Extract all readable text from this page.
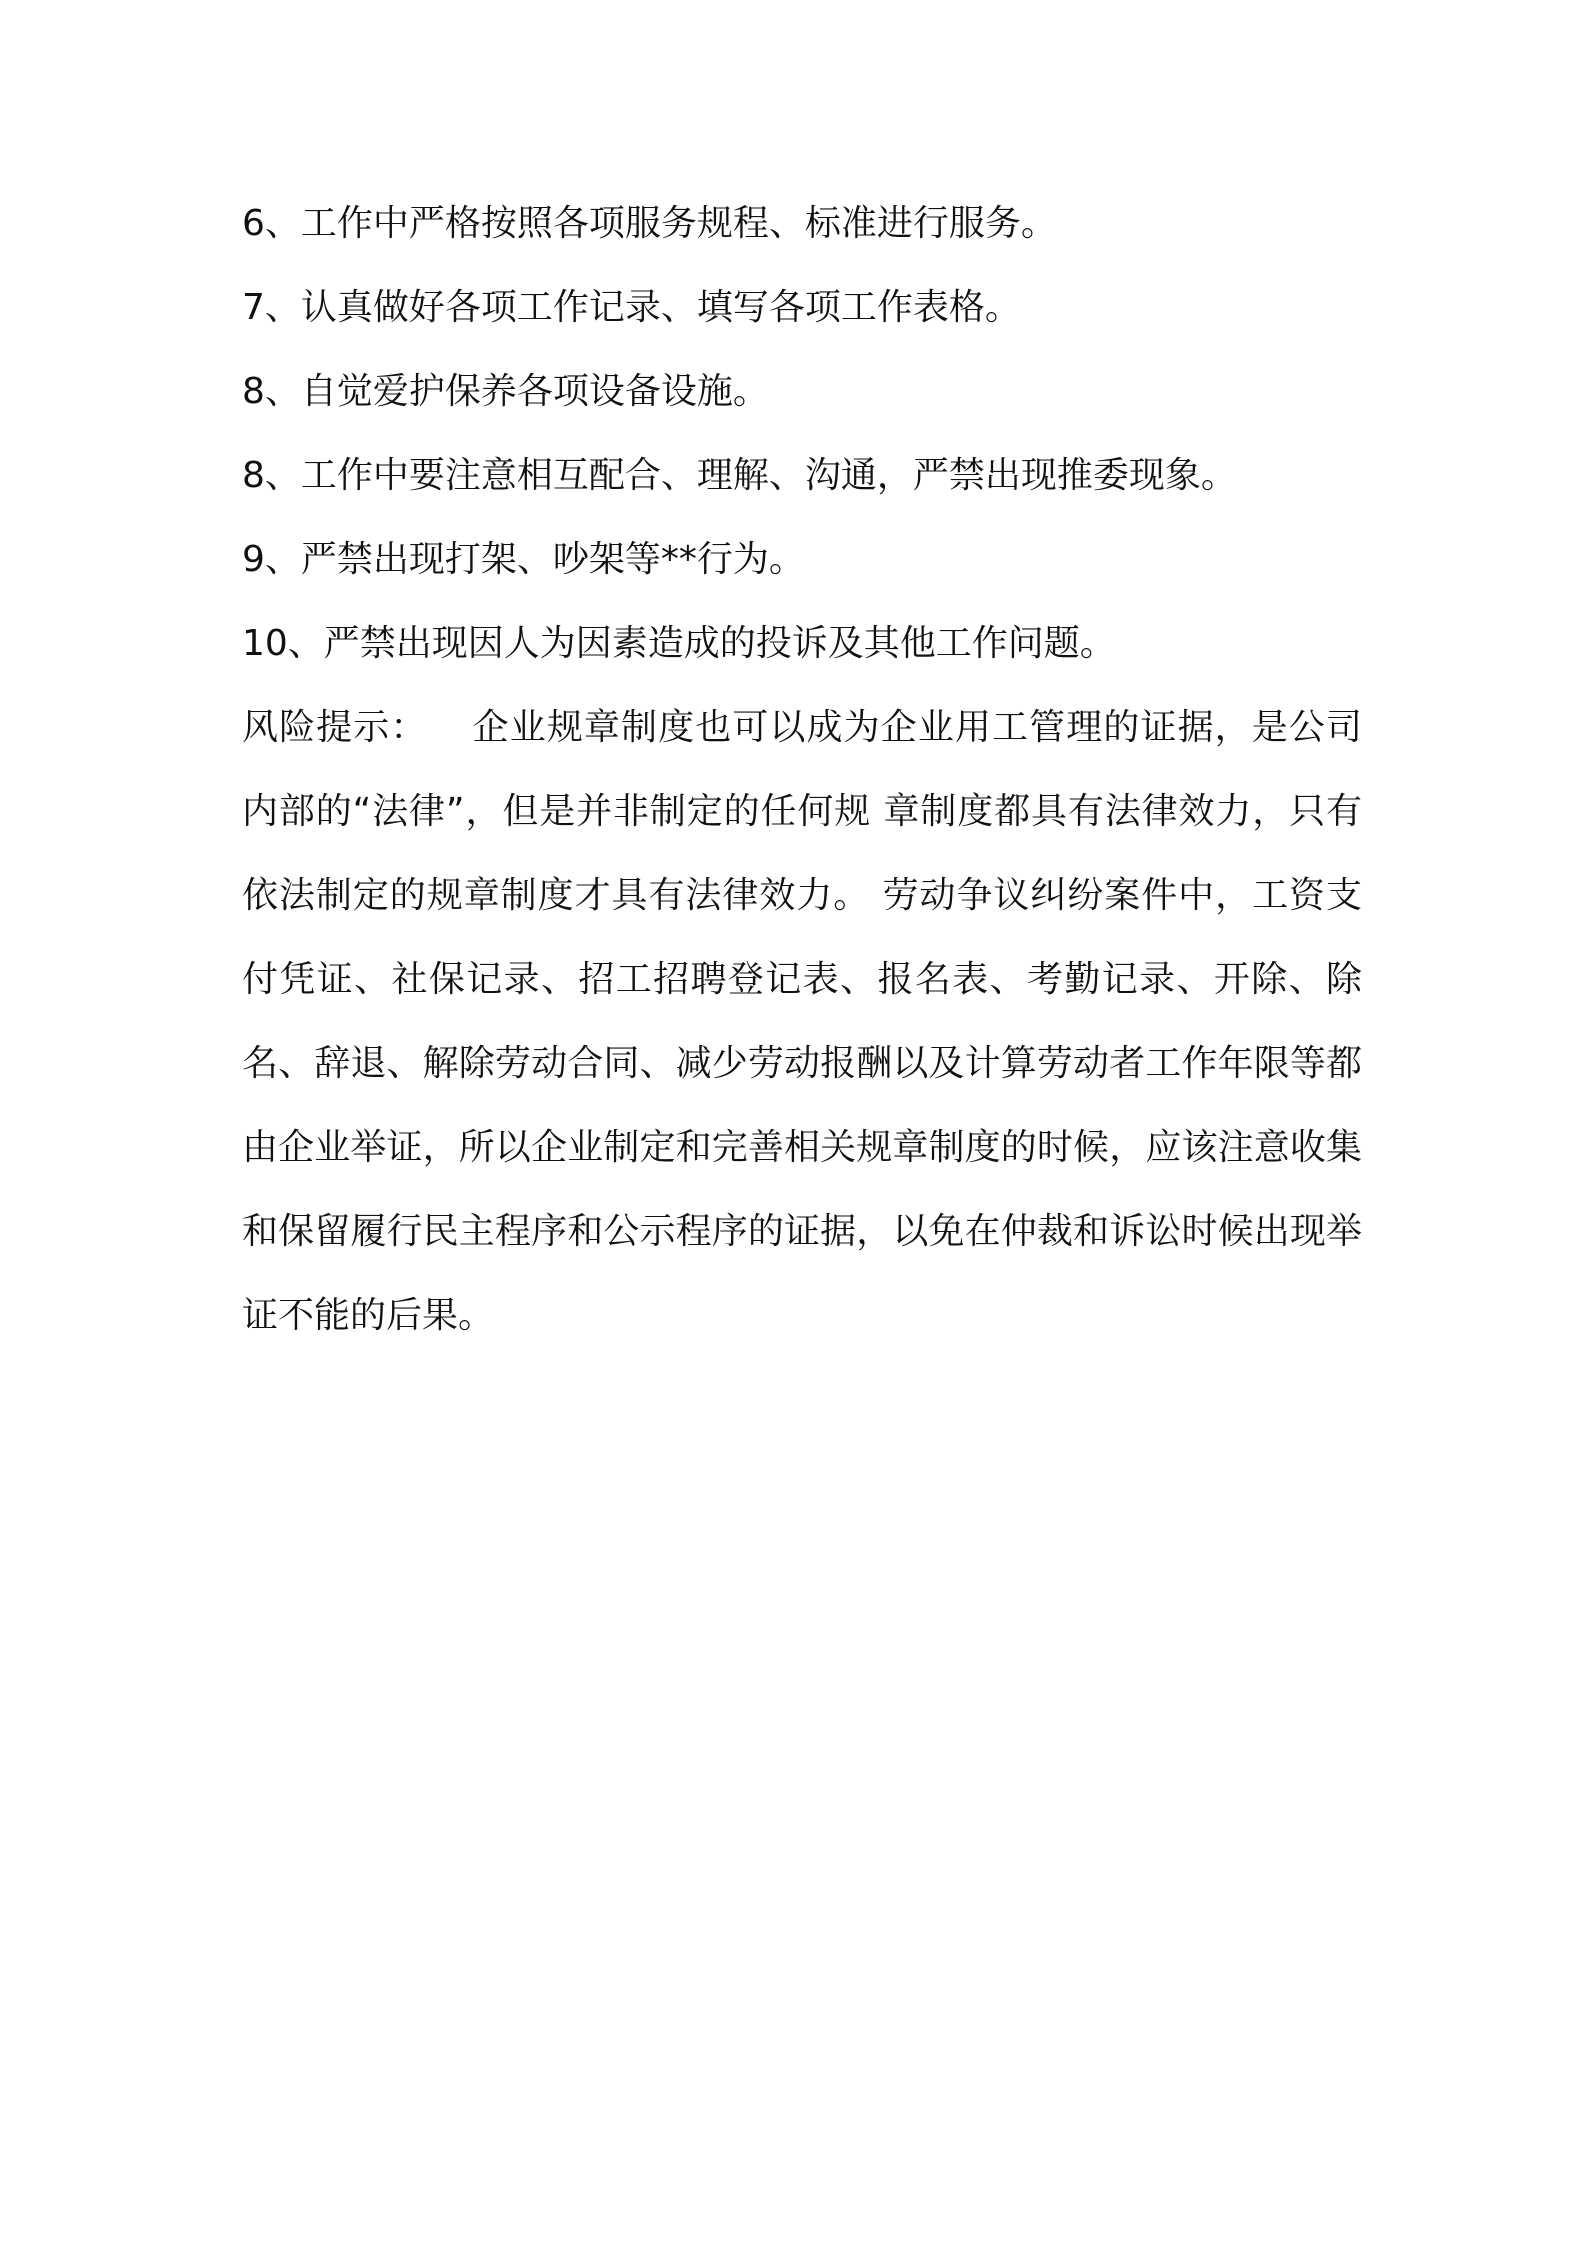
6、工作中严格按照各项服务规程、标准进行服务。
7、认真做好各项工作记录、填写各项工作表格。
8、自觉爱护保养各项设备设施。
8、工作中要注意相互配合、理解、沟通，严禁出现推委现象。
9、严禁出现打架、吵架等**行为。
10、严禁出现因人为因素造成的投诉及其他工作问题。
风险提示： 企业规章制度也可以成为企业用工管理的证据，是公司内部的“法律”，但是并非制定的任何规 章制度都具有法律效力，只有依法制定的规章制度才具有法律效力。 劳动争议纠纷案件中，工资支付凭证、社保记录、招工招聘登记表、报名表、考勤记录、开除、除名、辞退、解除劳动合同、减少劳动报酬以及计算劳动者工作年限等都由企业举证，所以企业制定和完善相关规章制度的时候，应该注意收集和保留履行民主程序和公示程序的证据，以免在仲裁和诉讼时候出现举证不能的后果。
